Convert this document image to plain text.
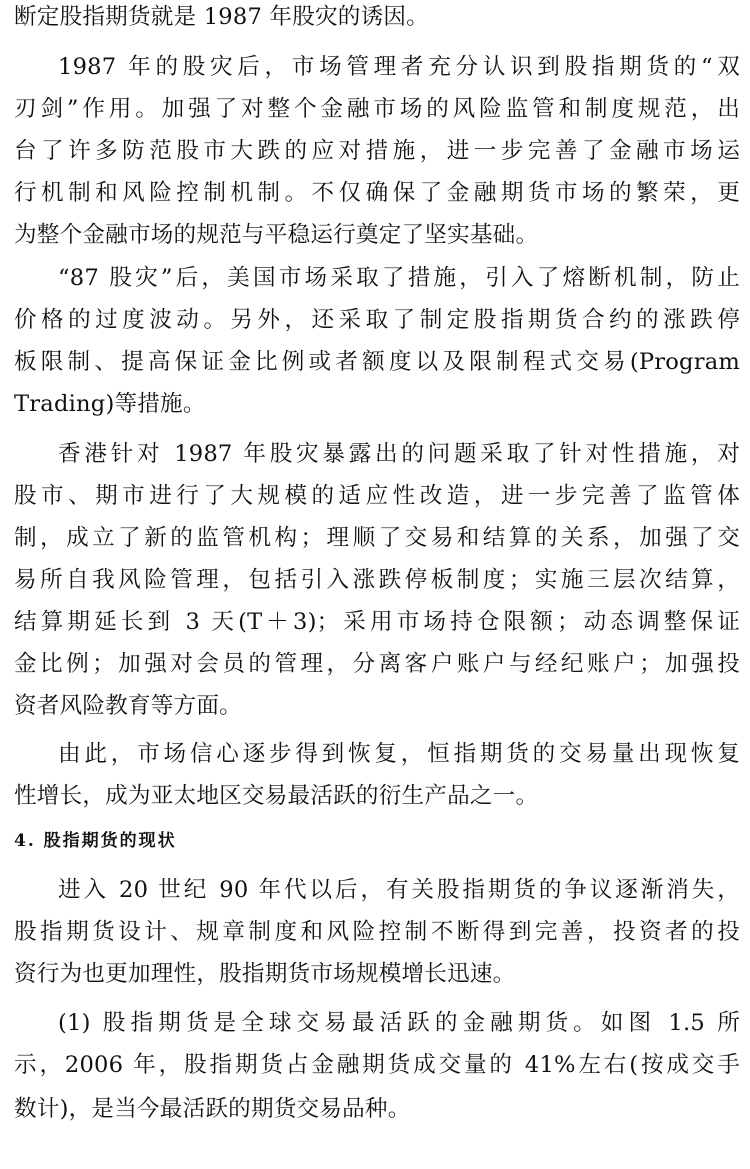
断定股指期货就是 1987 年股灾的诱因。
1987 年的股灾后，市场管理者充分认识到股指期货的“双
刃剑”作用。加强了对整个金融市场的风险监管和制度规范，出
台了许多防范股市大跌的应对措施，进一步完善了金融市场运
行机制和风险控制机制。不仅确保了金融期货市场的繁荣，更
为整个金融市场的规范与平稳运行奠定了坚实基础。
“87 股灾”后，美国市场采取了措施，引入了熔断机制，防止
价格的过度波动。另外，还采取了制定股指期货合约的涨跌停
板限制、提高保证金比例或者额度以及限制程式交易(Program
Trading)等措施。
香港针对 1987 年股灾暴露出的问题采取了针对性措施，对
股市、期市进行了大规模的适应性改造，进一步完善了监管体
制，成立了新的监管机构；理顺了交易和结算的关系，加强了交
易所自我风险管理，包括引入涨跌停板制度；实施三层次结算，
结算期延长到 3 天(T＋3)；采用市场持仓限额；动态调整保证
金比例；加强对会员的管理，分离客户账户与经纪账户；加强投
资者风险教育等方面。
由此，市场信心逐步得到恢复，恒指期货的交易量出现恢复
性增长，成为亚太地区交易最活跃的衍生产品之一。
4. 股指期货的现状
进入 20 世纪 90 年代以后，有关股指期货的争议逐渐消失，
股指期货设计、规章制度和风险控制不断得到完善，投资者的投
资行为也更加理性，股指期货市场规模增长迅速。
(1) 股指期货是全球交易最活跃的金融期货。如图 1.5 所
示，2006 年，股指期货占金融期货成交量的 41%左右(按成交手
数计)，是当今最活跃的期货交易品种。
